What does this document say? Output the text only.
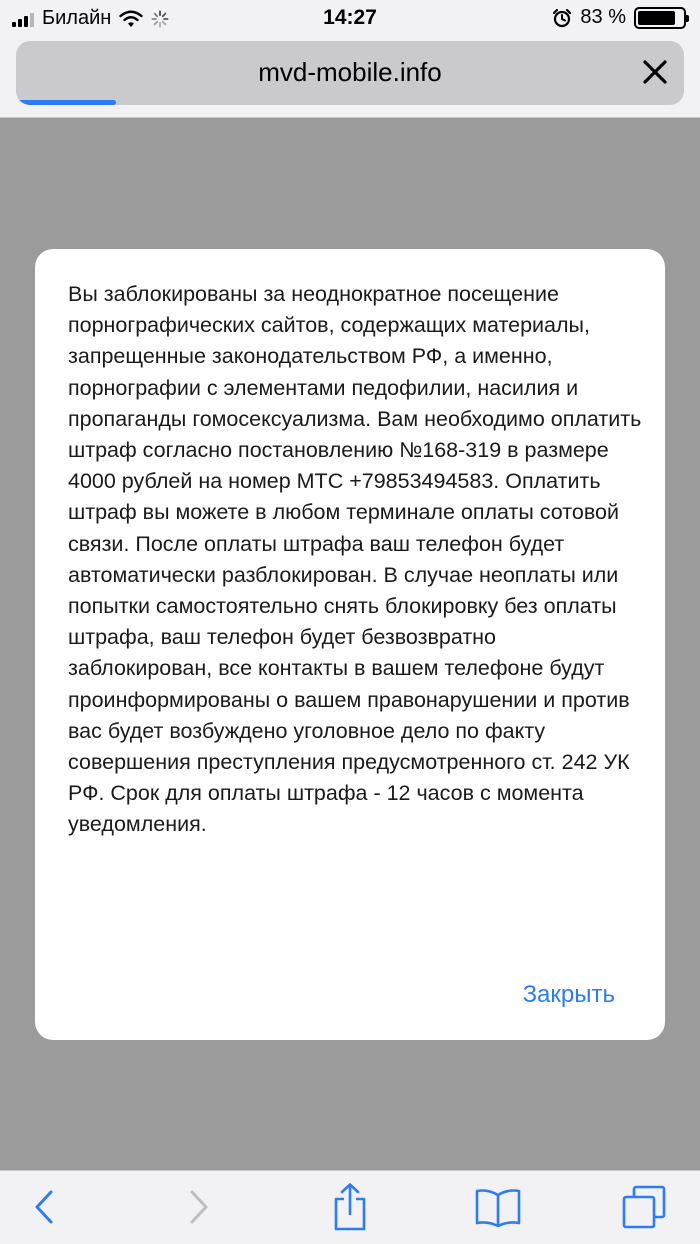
Билайн	14:27	83 %
mvd-mobile.info
Вы заблокированы за неоднократное посещение порнографических сайтов, содержащих материалы, запрещенные законодательством РФ, а именно, порнографии с элементами педофилии, насилия и пропаганды гомосексуализма. Вам необходимо оплатить штраф согласно постановлению №168-319 в размере 4000 рублей на номер МТС +79853494583. Оплатить штраф вы можете в любом терминале оплаты сотовой связи. После оплаты штрафа ваш телефон будет автоматически разблокирован. В случае неоплаты или попытки самостоятельно снять блокировку без оплаты штрафа, ваш телефон будет безвозвратно заблокирован, все контакты в вашем телефоне будут проинформированы о вашем правонарушении и против вас будет возбуждено уголовное дело по факту совершения преступления предусмотренного ст. 242 УК РФ. Срок для оплаты штрафа - 12 часов с момента уведомления.
Закрыть
